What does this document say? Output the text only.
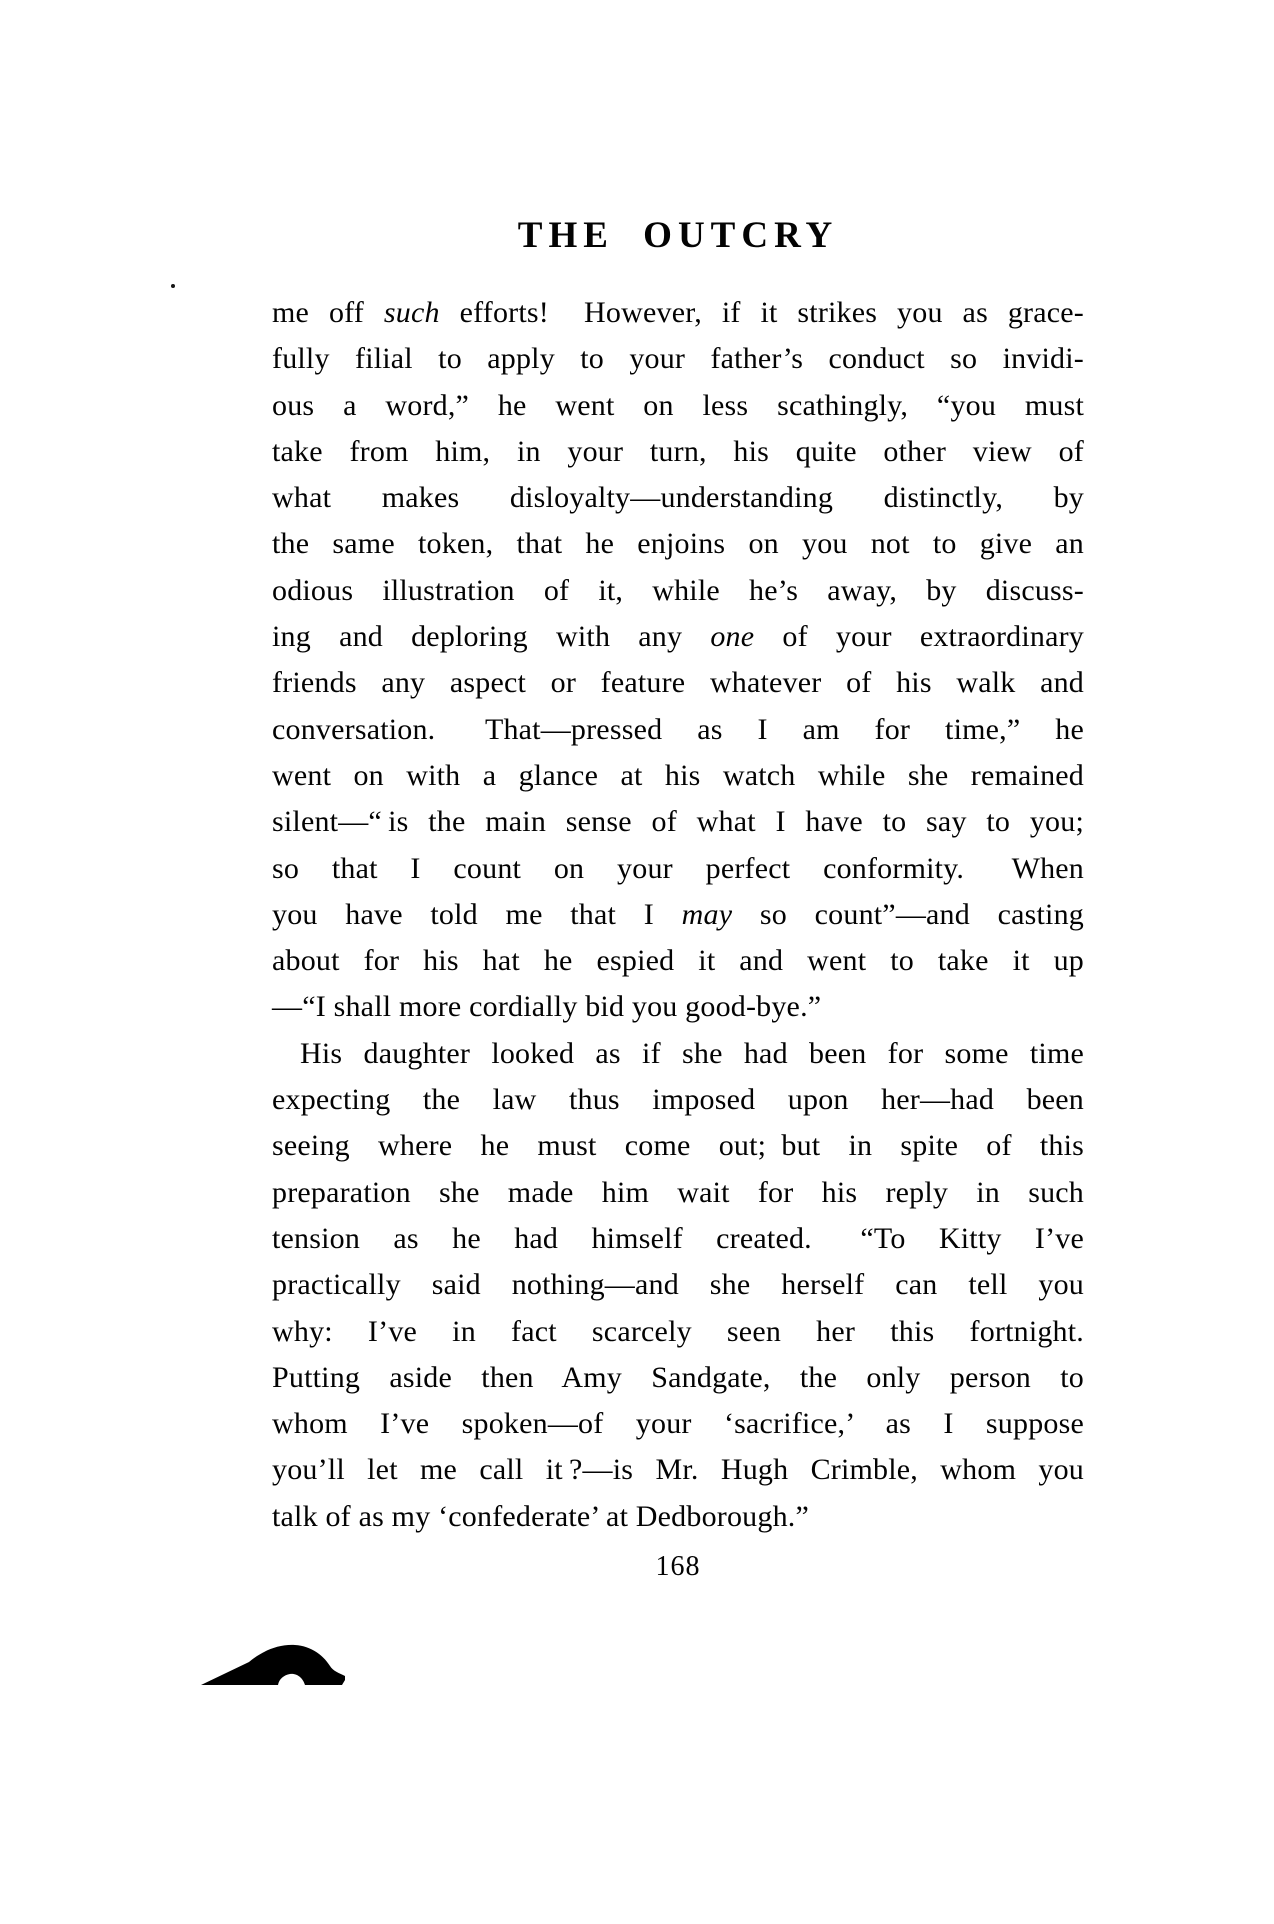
THE OUTCRY
me off such efforts!  However, if it strikes you as grace-
fully filial to apply to your father’s conduct so invidi-
ous a word,” he went on less scathingly, “you must
take from him, in your turn, his quite other view of
what makes disloyalty—understanding distinctly, by
the same token, that he enjoins on you not to give an
odious illustration of it, while he’s away, by discuss-
ing and deploring with any one of your extraordinary
friends any aspect or feature whatever of his walk and
conversation.  That—pressed as I am for time,” he
went on with a glance at his watch while she remained
silent—“ is the main sense of what I have to say to you;
so that I count on your perfect conformity.  When
you have told me that I may so count”—and casting
about for his hat he espied it and went to take it up
—“I shall more cordially bid you good-bye.”
His daughter looked as if she had been for some time
expecting the law thus imposed upon her—had been
seeing where he must come out; but in spite of this
preparation she made him wait for his reply in such
tension as he had himself created.  “To Kitty I’ve
practically said nothing—and she herself can tell you
why: I’ve in fact scarcely seen her this fortnight.
Putting aside then Amy Sandgate, the only person to
whom I’ve spoken—of your ‘sacrifice,’ as I suppose
you’ll let me call it ?—is Mr. Hugh Crimble, whom you
talk of as my ‘confederate’ at Dedborough.”
168
